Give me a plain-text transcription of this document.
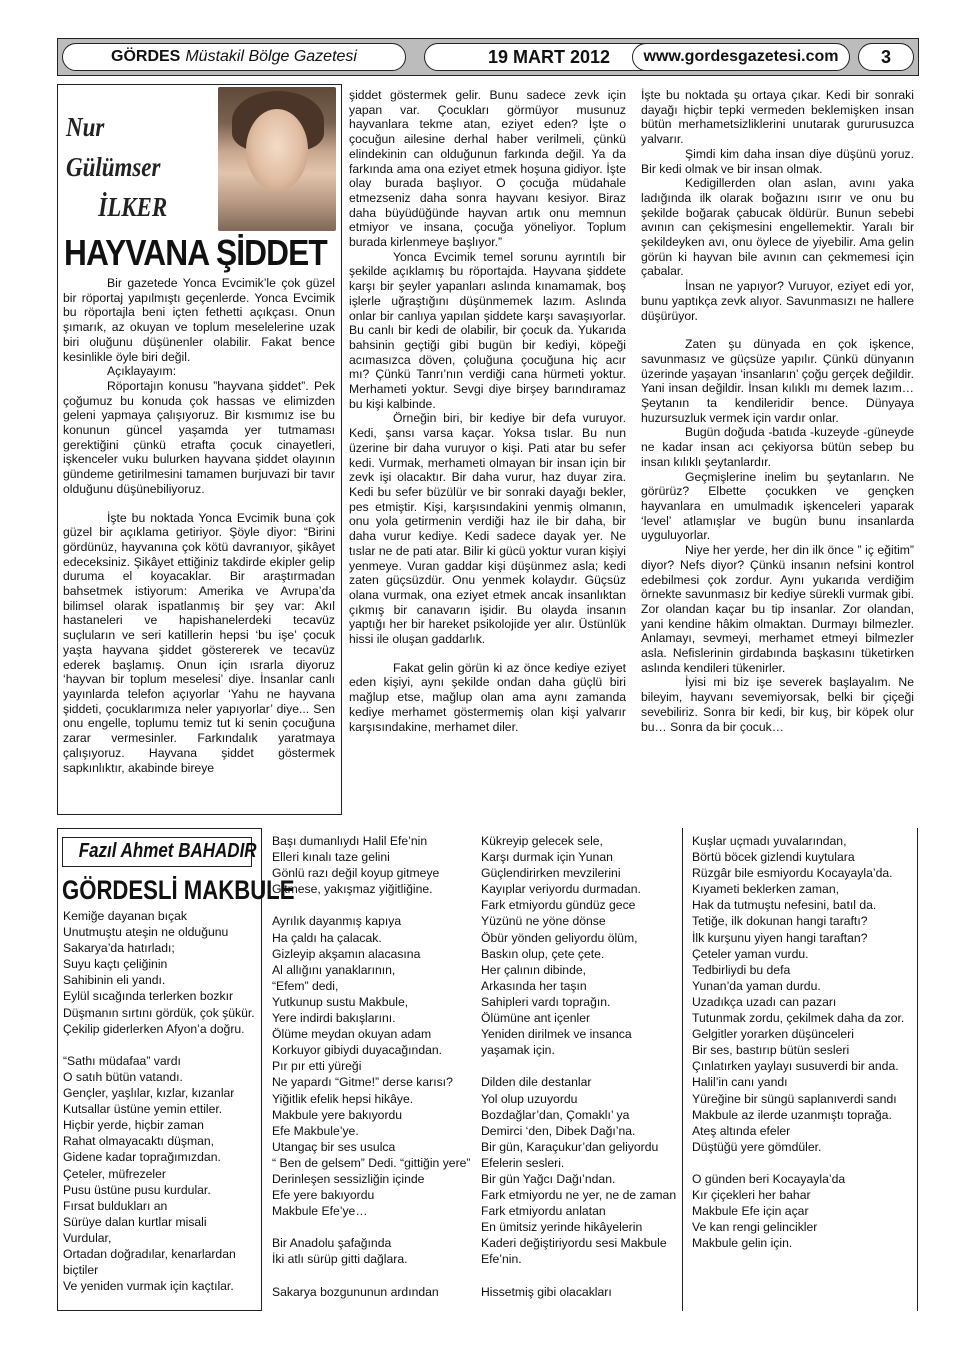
GÖRDES Müstakil Bölge Gazetesi	19 MART 2012	www.gordesgazetesi.com	3
Nur Gülümser
İLKER
HAYVANA ŞİDDET

Bir gazetede Yonca Evcimik’le çok güzel bir röportaj yapılmıştı geçenlerde. Yonca Evcimik bu röportajla beni içten fethetti açıkçası. Onun şımarık, az okuyan ve toplum meselelerine uzak biri oluğunu düşünenler olabilir. Fakat bence kesinlikle öyle biri değil.

Açıklayayım:

Röportajın konusu ”hayvana şiddet”. Pek çoğumuz bu konuda çok hassas ve elimizden geleni yapmaya çalışıyoruz. Bir kısmımız ise bu konunun güncel yaşamda yer tutmaması gerektiğini çünkü etrafta çocuk cinayetleri, işkenceler vuku bulurken hayvana şiddet olayının gündeme getirilmesini tamamen burjuvazi bir tavır olduğunu düşünebiliyoruz.

İşte bu noktada Yonca Evcimik buna çok güzel bir açıklama getiriyor. Şöyle diyor: “Birini gördünüz, hayvanına çok kötü davranıyor, şikâyet edeceksiniz. Şikâyet ettiğiniz takdirde ekipler gelip duruma el koyacaklar. Bir araştırmadan bahsetmek istiyorum: Amerika ve Avrupa’da bilimsel olarak ispatlanmış bir şey var: Akıl hastaneleri ve hapishanelerdeki tecavüz suçluların ve seri katillerin hepsi ‘bu işe’ çocuk yaşta hayvana şiddet göstererek ve tecavüz ederek başlamış. Onun için ısrarla diyoruz ‘hayvan bir toplum meselesi’ diye. İnsanlar canlı yayınlarda telefon açıyorlar ‘Yahu ne hayvana şiddeti, çocuklarımıza neler yapıyorlar’ diye... Sen onu engelle, toplumu temiz tut ki senin çocuğuna zarar vermesinler. Farkındalık yaratmaya çalışıyoruz. Hayvana şiddet göstermek sapkınlıktır, akabinde bireye

şiddet göstermek gelir. Bunu sadece zevk için yapan var. Çocukları görmüyor musunuz hayvanlara tekme atan, eziyet eden? İşte o çocuğun ailesine derhal haber verilmeli, çünkü elindekinin can olduğunun farkında değil. Ya da farkında ama ona eziyet etmek hoşuna gidiyor. İşte olay burada başlıyor. O çocuğa müdahale etmezseniz daha sonra hayvanı kesiyor. Biraz daha büyüdüğünde hayvan artık onu memnun etmiyor ve insana, çocuğa yöneliyor. Toplum burada kirlenmeye başlıyor.”

Yonca Evcimik temel sorunu ayrıntılı bir şekilde açıklamış bu röportajda. Hayvana şiddete karşı bir şeyler yapanları aslında kınamamak, boş işlerle uğraştığını düşünmemek lazım. Aslında onlar bir canlıya yapılan şiddete karşı savaşıyorlar. Bu canlı bir kedi de olabilir, bir çocuk da. Yukarıda bahsinin geçtiği gibi bugün bir kediyi, köpeği acımasızca döven, çoluğuna çocuğuna hiç acır mı? Çünkü Tanrı’nın verdiği cana hürmeti yoktur. Merhameti yoktur. Sevgi diye birşey barındıramaz bu kişi kalbinde.

Örneğin biri, bir kediye bir defa vuruyor. Kedi, şansı varsa kaçar. Yoksa tıslar. Bu nun üzerine bir daha vuruyor o kişi. Pati atar bu sefer kedi. Vurmak, merhameti olmayan bir insan için bir zevk işi olacaktır. Bir daha vurur, haz duyar zira. Kedi bu sefer büzülür ve bir sonraki dayağı bekler, pes etmiştir. Kişi, karşısındakini yenmiş olmanın, onu yola getirmenin verdiği haz ile bir daha, bir daha vurur kediye. Kedi sadece dayak yer. Ne tıslar ne de pati atar. Bilir ki gücü yoktur vuran kişiyi yenmeye. Vuran gaddar kişi düşünmez asla; kedi zaten güçsüzdür. Onu yenmek kolaydır. Güçsüz olana vurmak, ona eziyet etmek ancak insanlıktan çıkmış bir canavarın işidir. Bu olayda insanın yaptığı her bir hareket psikolojide yer alır. Üstünlük hissi ile oluşan gaddarlık.

Fakat gelin görün ki az önce kediye eziyet eden kişiyi, aynı şekilde ondan daha güçlü biri mağlup etse, mağlup olan ama aynı zamanda kediye merhamet göstermemiş olan kişi yalvarır karşısındakine, merhamet diler.

İşte bu noktada şu ortaya çıkar. Kedi bir sonraki dayağı hiçbir tepki vermeden beklemişken insan bütün merhametsizliklerini unutarak gururusuzca yalvarır.

Şimdi kim daha insan diye düşünü yoruz. Bir kedi olmak ve bir insan olmak.

Kedigillerden olan aslan, avını yaka ladığında ilk olarak boğazını ısırır ve onu bu şekilde boğarak çabucak öldürür. Bunun sebebi avının can çekişmesini engellemektir. Yaralı bir şekildeyken avı, onu öylece de yiyebilir. Ama gelin görün ki hayvan bile avının can çekmemesi için çabalar.

İnsan ne yapıyor? Vuruyor, eziyet edi yor, bunu yaptıkça zevk alıyor. Savunmasızı ne hallere düşürüyor.

Zaten şu dünyada en çok işkence, savunmasız ve güçsüze yapılır. Çünkü dünyanın üzerinde yaşayan ‘insanların’ çoğu gerçek değildir. Yani insan değildir. İnsan kılıklı mı demek lazım… Şeytanın ta kendileridir bence. Dünyaya huzursuzluk vermek için vardır onlar.

Bugün doğuda -batıda -kuzeyde -güneyde ne kadar insan acı çekiyorsa bütün sebep bu insan kılıklı şeytanlardır.

Geçmişlerine inelim bu şeytanların. Ne görürüz? Elbette çocukken ve gençken hayvanlara en umulmadık işkenceleri yaparak ‘level’ atlamışlar ve bugün bunu insanlarda uyguluyorlar.

Niye her yerde, her din ilk önce ” iç eğitim” diyor? Nefs diyor? Çünkü insanın nefsini kontrol edebilmesi çok zordur. Aynı yukarıda verdiğim örnekte savunmasız bir kediye sürekli vurmak gibi. Zor olandan kaçar bu tip insanlar. Zor olandan, yani kendine hâkim olmaktan. Durmayı bilmezler. Anlamayı, sevmeyi, merhamet etmeyi bilmezler asla. Nefislerinin girdabında başkasını tüketirken aslında kendileri tükenirler.

İyisi mi biz işe severek başlayalım. Ne bileyim, hayvanı sevemiyorsak, belki bir çiçeği sevebiliriz. Sonra bir kedi, bir kuş, bir köpek olur bu… Sonra da bir çocuk…

Fazıl Ahmet BAHADIR
GÖRDESLİ MAKBULE
Kemiğe dayanan bıçak
Unutmuştu ateşin ne olduğunu
Sakarya’da hatırladı;
Suyu kaçtı çeliğinin
Sahibinin eli yandı.
Eylül sıcağında terlerken bozkır
Düşmanın sırtını gördük, çok şükür.
Çekilip giderlerken Afyon’a doğru.
“Sathı müdafaa” vardı
O satıh bütün vatandı.
Gençler, yaşlılar, kızlar, kızanlar
Kutsallar üstüne yemin ettiler.
Hiçbir yerde, hiçbir zaman
Rahat olmayacaktı düşman,
Gidene kadar toprağımızdan.
Çeteler, müfrezeler
Pusu üstüne pusu kurdular.
Fırsat buldukları an
Sürüye dalan kurtlar misali
Vurdular,
Ortadan doğradılar, kenarlardan biçtiler
Ve yeniden vurmak için kaçtılar.
Başı dumanlıydı Halil Efe’nin
Elleri kınalı taze gelini
Gönlü razı değil koyup gitmeye
Gitmese, yakışmaz yiğitliğine.
Ayrılık dayanmış kapıya
Ha çaldı ha çalacak.
Gizleyip akşamın alacasına
Al allığını yanaklarının,
“Efem” dedi,
Yutkunup sustu Makbule,
Yere indirdi bakışlarını.
Ölüme meydan okuyan adam
Korkuyor gibiydi duyacağından.
Pır pır etti yüreği
Ne yapardı “Gitme!” derse karısı?
Yiğitlik efelik hepsi hikâye.
Makbule yere bakıyordu
Efe Makbule’ye.
Utangaç bir ses usulca
“ Ben de gelsem” Dedi. “gittiğin yere”
Derinleşen sessizliğin içinde
Efe yere bakıyordu
Makbule Efe’ye…
Bir Anadolu şafağında
İki atlı sürüp gitti dağlara.
Sakarya bozgununun ardından
Kükreyip gelecek sele,
Karşı durmak için Yunan
Güçlendirirken mevzilerini
Kayıplar veriyordu durmadan.
Fark etmiyordu gündüz gece
Yüzünü ne yöne dönse
Öbür yönden geliyordu ölüm,
Baskın olup, çete çete.
Her çalının dibinde,
Arkasında her taşın
Sahipleri vardı toprağın.
Ölümüne ant içenler
Yeniden dirilmek ve insanca yaşamak için.
Dilden dile destanlar
Yol olup uzuyordu
Bozdağlar’dan, Çomaklı’ ya
Demirci ‘den, Dibek Dağı’na.
Bir gün, Karaçukur’dan geliyordu Efelerin sesleri.
Bir gün Yağcı Dağı’ndan.
Fark etmiyordu ne yer, ne de zaman
Fark etmiyordu anlatan
En ümitsiz yerinde hikâyelerin
Kaderi değiştiriyordu sesi Makbule Efe’nin.
Hissetmiş gibi olacakları
Kuşlar uçmadı yuvalarından,
Börtü böcek gizlendi kuytulara
Rüzgâr bile esmiyordu Kocayayla’da.
Kıyameti beklerken zaman,
Hak da tutmuştu nefesini, batıl da.
Tetiğe, ilk dokunan hangi taraftı?
İlk kurşunu yiyen hangi taraftan?
Çeteler yaman vurdu.
Tedbirliydi bu defa
Yunan’da yaman durdu.
Uzadıkça uzadı can pazarı
Tutunmak zordu, çekilmek daha da zor.
Gelgitler yorarken düşünceleri
Bir ses, bastırıp bütün sesleri
Çınlatırken yaylayı susuverdi bir anda.
Halil’in canı yandı
Yüreğine bir süngü saplanıverdi sandı
Makbule az ilerde uzanmıştı toprağa.
Ateş altında efeler
Düştüğü yere gömdüler.
O günden beri Kocayayla’da
Kır çiçekleri her bahar
Makbule Efe için açar
Ve kan rengi gelincikler
Makbule gelin için.
